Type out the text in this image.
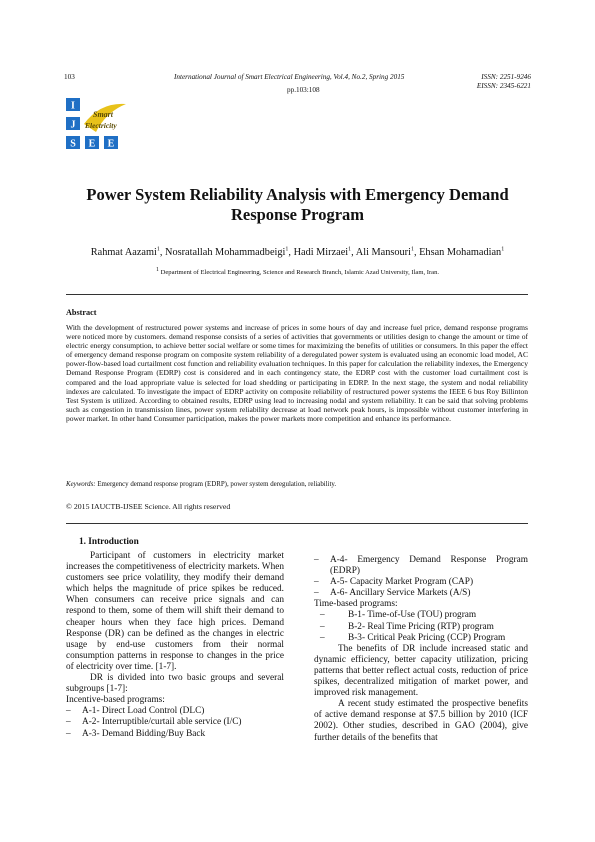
103	International Journal of Smart Electrical Engineering, Vol.4, No.2, Spring 2015	ISSN: 2251-9246
EISSN: 2345-6221
pp.103:108
I
J
S E E
Smart
Electricity
Power System Reliability Analysis with Emergency Demand Response Program
Rahmat Aazami$^1$, Nosratallah Mohammadbeigi$^1$, Hadi Mirzaei$^1$, Ali Mansouri$^1$, Ehsan Mohamadian$^1$
$^1$ Department of Electrical Engineering, Science and Research Branch, Islamic Azad University, Ilam, Iran.
Abstract
With the development of restructured power systems and increase of prices in some hours of day and increase fuel price, demand response programs were noticed more by customers. demand response consists of a series of activities that governments or utilities design to change the amount or time of electric energy consumption, to achieve better social welfare or some times for maximizing the benefits of utilities or consumers. In this paper the effect of emergency demand response program on composite system reliability of a deregulated power system is evaluated using an economic load model, AC power-flow-based load curtailment cost function and reliability evaluation techniques. In this paper for calculation the reliability indexes, the Emergency Demand Response Program (EDRP) cost is considered and in each contingency state, the EDRP cost with the customer load curtailment cost is compared and the load appropriate value is selected for load shedding or participating in EDRP. In the next stage, the system and nodal reliability indexes are calculated. To investigate the impact of EDRP activity on composite reliability of restructured power systems the IEEE 6 bus Roy Billinton Test System is utilized. According to obtained results, EDRP using lead to increasing nodal and system reliability. It can be said that solving problems such as congestion in transmission lines, power system reliability decrease at load network peak hours, is impossible without customer interfering in power market. In other hand Consumer participation, makes the power markets more competition and enhance its performance.
Keywords: Emergency demand response program (EDRP), power system deregulation, reliability.
© 2015 IAUCTB-IJSEE Science. All rights reserved
1. Introduction

Participant of customers in electricity market increases the competitiveness of electricity markets. When customers see price volatility, they modify their demand which helps the magnitude of price spikes be reduced. When consumers can receive price signals and can respond to them, some of them will shift their demand to cheaper hours when they face high prices. Demand Response (DR) can be defined as the changes in electric usage by end-use customers from their normal consumption patterns in response to changes in the price of electricity over time. [1-7].

DR is divided into two basic groups and several subgroups [1-7]:

Incentive-based programs:

–	A-1- Direct Load Control (DLC)
–	A-2- Interruptible/curtail able service (I/C)
–	A-3- Demand Bidding/Buy Back
–	A-4- Emergency Demand Response Program (EDRP)
–	A-5- Capacity Market Program (CAP)
–	A-6- Ancillary Service Markets (A/S)

Time-based programs:

–	B-1- Time-of-Use (TOU) program
–	B-2- Real Time Pricing (RTP) program
–	B-3- Critical Peak Pricing (CCP) Program

The benefits of DR include increased static and dynamic efficiency, better capacity utilization, pricing patterns that better reflect actual costs, reduction of price spikes, decentralized mitigation of market power, and improved risk management.

A recent study estimated the prospective benefits of active demand response at $7.5 billion by 2010 (ICF 2002). Other studies, described in GAO (2004), give further details of the benefits that
